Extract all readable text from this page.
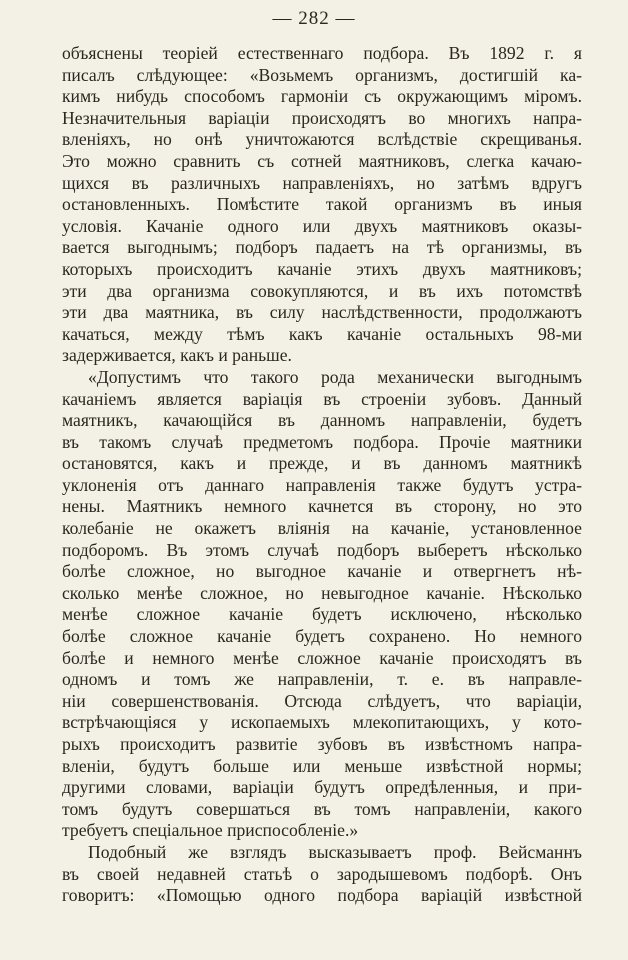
— 282 —
объяснены теоріей естественнаго подбора. Въ 1892 г. я
писалъ слѣдующее: «Возьмемъ организмъ, достигшій ка-
кимъ нибудь способомъ гармоніи съ окружающимъ міромъ.
Незначительныя варіаціи происходятъ во многихъ напра-
вленіяхъ, но онѣ уничтожаются вслѣдствіе скрещиванья.
Это можно сравнить съ сотней маятниковъ, слегка качаю-
щихся въ различныхъ направленіяхъ, но затѣмъ вдругъ
остановленныхъ. Помѣстите такой организмъ въ иныя
условія. Качаніе одного или двухъ маятниковъ оказы-
вается выгоднымъ; подборъ падаетъ на тѣ организмы, въ
которыхъ происходитъ качаніе этихъ двухъ маятниковъ;
эти два организма совокупляются, и въ ихъ потомствѣ
эти два маятника, въ силу наслѣдственности, продолжаютъ
качаться, между тѣмъ какъ качаніе остальныхъ 98-ми
задерживается, какъ и раньше.
«Допустимъ что такого рода механически выгоднымъ
качаніемъ является варіація въ строеніи зубовъ. Данный
маятникъ, качающійся въ данномъ направленіи, будетъ
въ такомъ случаѣ предметомъ подбора. Прочіе маятники
остановятся, какъ и прежде, и въ данномъ маятникѣ
уклоненія отъ даннаго направленія также будутъ устра-
нены. Маятникъ немного качнется въ сторону, но это
колебаніе не окажетъ вліянія на качаніе, установленное
подборомъ. Въ этомъ случаѣ подборъ выберетъ нѣсколько
болѣе сложное, но выгодное качаніе и отвергнетъ нѣ-
сколько менѣе сложное, но невыгодное качаніе. Нѣсколько
менѣе сложное качаніе будетъ исключено, нѣсколько
болѣе сложное качаніе будетъ сохранено. Но немного
болѣе и немного менѣе сложное качаніе происходятъ въ
одномъ и томъ же направленіи, т. е. въ направле-
ніи совершенствованія. Отсюда слѣдуетъ, что варіаціи,
встрѣчающіяся у ископаемыхъ млекопитающихъ, у кото-
рыхъ происходитъ развитіе зубовъ въ извѣстномъ напра-
вленіи, будутъ больше или меньше извѣстной нормы;
другими словами, варіаціи будутъ опредѣленныя, и при-
томъ будутъ совершаться въ томъ направленіи, какого
требуетъ спеціальное приспособленіе.»
Подобный же взглядъ высказываетъ проф. Вейсманнъ
въ своей недавней статьѣ о зародышевомъ подборѣ. Онъ
говоритъ: «Помощью одного подбора варіацій извѣстной
